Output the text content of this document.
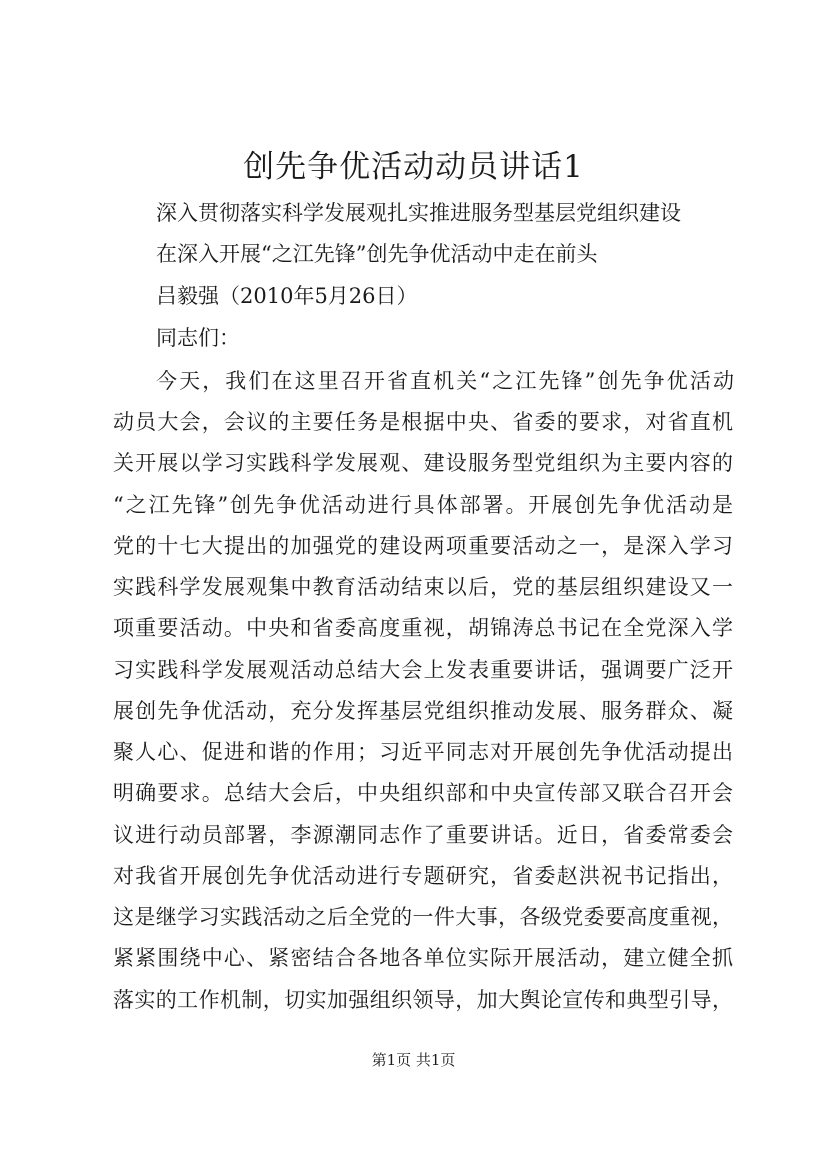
创先争优活动动员讲话1
深入贯彻落实科学发展观扎实推进服务型基层党组织建设
在深入开展“之江先锋”创先争优活动中走在前头
吕毅强（2010年5月26日）
同志们：
今天，我们在这里召开省直机关“之江先锋”创先争优活动
动员大会，会议的主要任务是根据中央、省委的要求，对省直机
关开展以学习实践科学发展观、建设服务型党组织为主要内容的
“之江先锋”创先争优活动进行具体部署。开展创先争优活动是
党的十七大提出的加强党的建设两项重要活动之一，是深入学习
实践科学发展观集中教育活动结束以后，党的基层组织建设又一
项重要活动。中央和省委高度重视，胡锦涛总书记在全党深入学
习实践科学发展观活动总结大会上发表重要讲话，强调要广泛开
展创先争优活动，充分发挥基层党组织推动发展、服务群众、凝
聚人心、促进和谐的作用；习近平同志对开展创先争优活动提出
明确要求。总结大会后，中央组织部和中央宣传部又联合召开会
议进行动员部署，李源潮同志作了重要讲话。近日，省委常委会
对我省开展创先争优活动进行专题研究，省委赵洪祝书记指出，
这是继学习实践活动之后全党的一件大事，各级党委要高度重视，
紧紧围绕中心、紧密结合各地各单位实际开展活动，建立健全抓
落实的工作机制，切实加强组织领导，加大舆论宣传和典型引导，
第1页 共1页
